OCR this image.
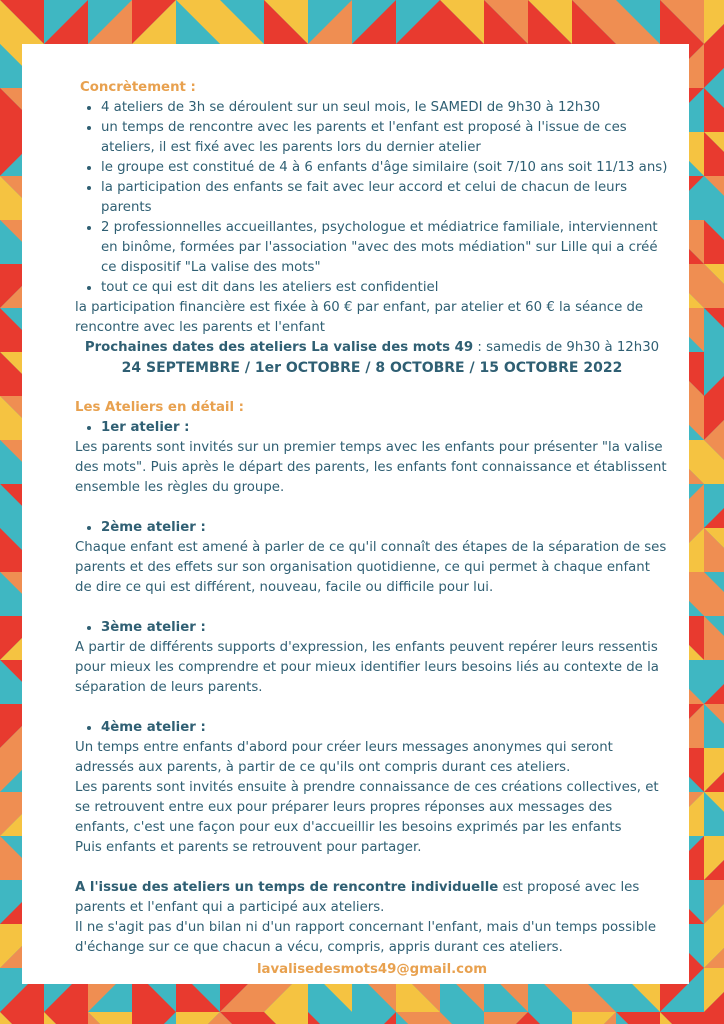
Concrètement :
• 4 ateliers de 3h se déroulent sur un seul mois, le SAMEDI de 9h30 à 12h30
• un temps de rencontre avec les parents et l'enfant est proposé à l'issue de ces ateliers, il est fixé avec les parents lors du dernier atelier
• le groupe est constitué de 4 à 6 enfants d'âge similaire (soit 7/10 ans soit 11/13 ans)
• la participation des enfants se fait avec leur accord et celui de chacun de leurs parents
• 2 professionnelles accueillantes, psychologue et médiatrice familiale, interviennent en binôme, formées par l'association "avec des mots médiation" sur Lille qui a créé ce dispositif "La valise des mots"
• tout ce qui est dit dans les ateliers est confidentiel

la participation financière est fixée à 60 € par enfant, par atelier et 60 € la séance de rencontre avec les parents et l'enfant

Prochaines dates des ateliers La valise des mots 49 : samedis de 9h30 à 12h30

24 SEPTEMBRE / 1er OCTOBRE / 8 OCTOBRE / 15 OCTOBRE 2022

Les Ateliers en détail :
• 1er atelier :

Les parents sont invités sur un premier temps avec les enfants pour présenter "la valise des mots". Puis après le départ des parents, les enfants font connaissance et établissent ensemble les règles du groupe.

• 2ème atelier :

Chaque enfant est amené à parler de ce qu'il connaît des étapes de la séparation de ses parents et des effets sur son organisation quotidienne, ce qui permet à chaque enfant de dire ce qui est différent, nouveau, facile ou difficile pour lui.

• 3ème atelier :

A partir de différents supports d'expression, les enfants peuvent repérer leurs ressentis pour mieux les comprendre et pour mieux identifier leurs besoins liés au contexte de la séparation de leurs parents.

• 4ème atelier :

Un temps entre enfants d'abord pour créer leurs messages anonymes qui seront adressés aux parents, à partir de ce qu'ils ont compris durant ces ateliers.

Les parents sont invités ensuite à prendre connaissance de ces créations collectives, et se retrouvent entre eux pour préparer leurs propres réponses aux messages des enfants, c'est une façon pour eux d'accueillir les besoins exprimés par les enfants

Puis enfants et parents se retrouvent pour partager.

A l'issue des ateliers un temps de rencontre individuelle est proposé avec les parents et l'enfant qui a participé aux ateliers.

Il ne s'agit pas d'un bilan ni d'un rapport concernant l'enfant, mais d'un temps possible d'échange sur ce que chacun a vécu, compris, appris durant ces ateliers.

lavalisedesmots49@gmail.com
